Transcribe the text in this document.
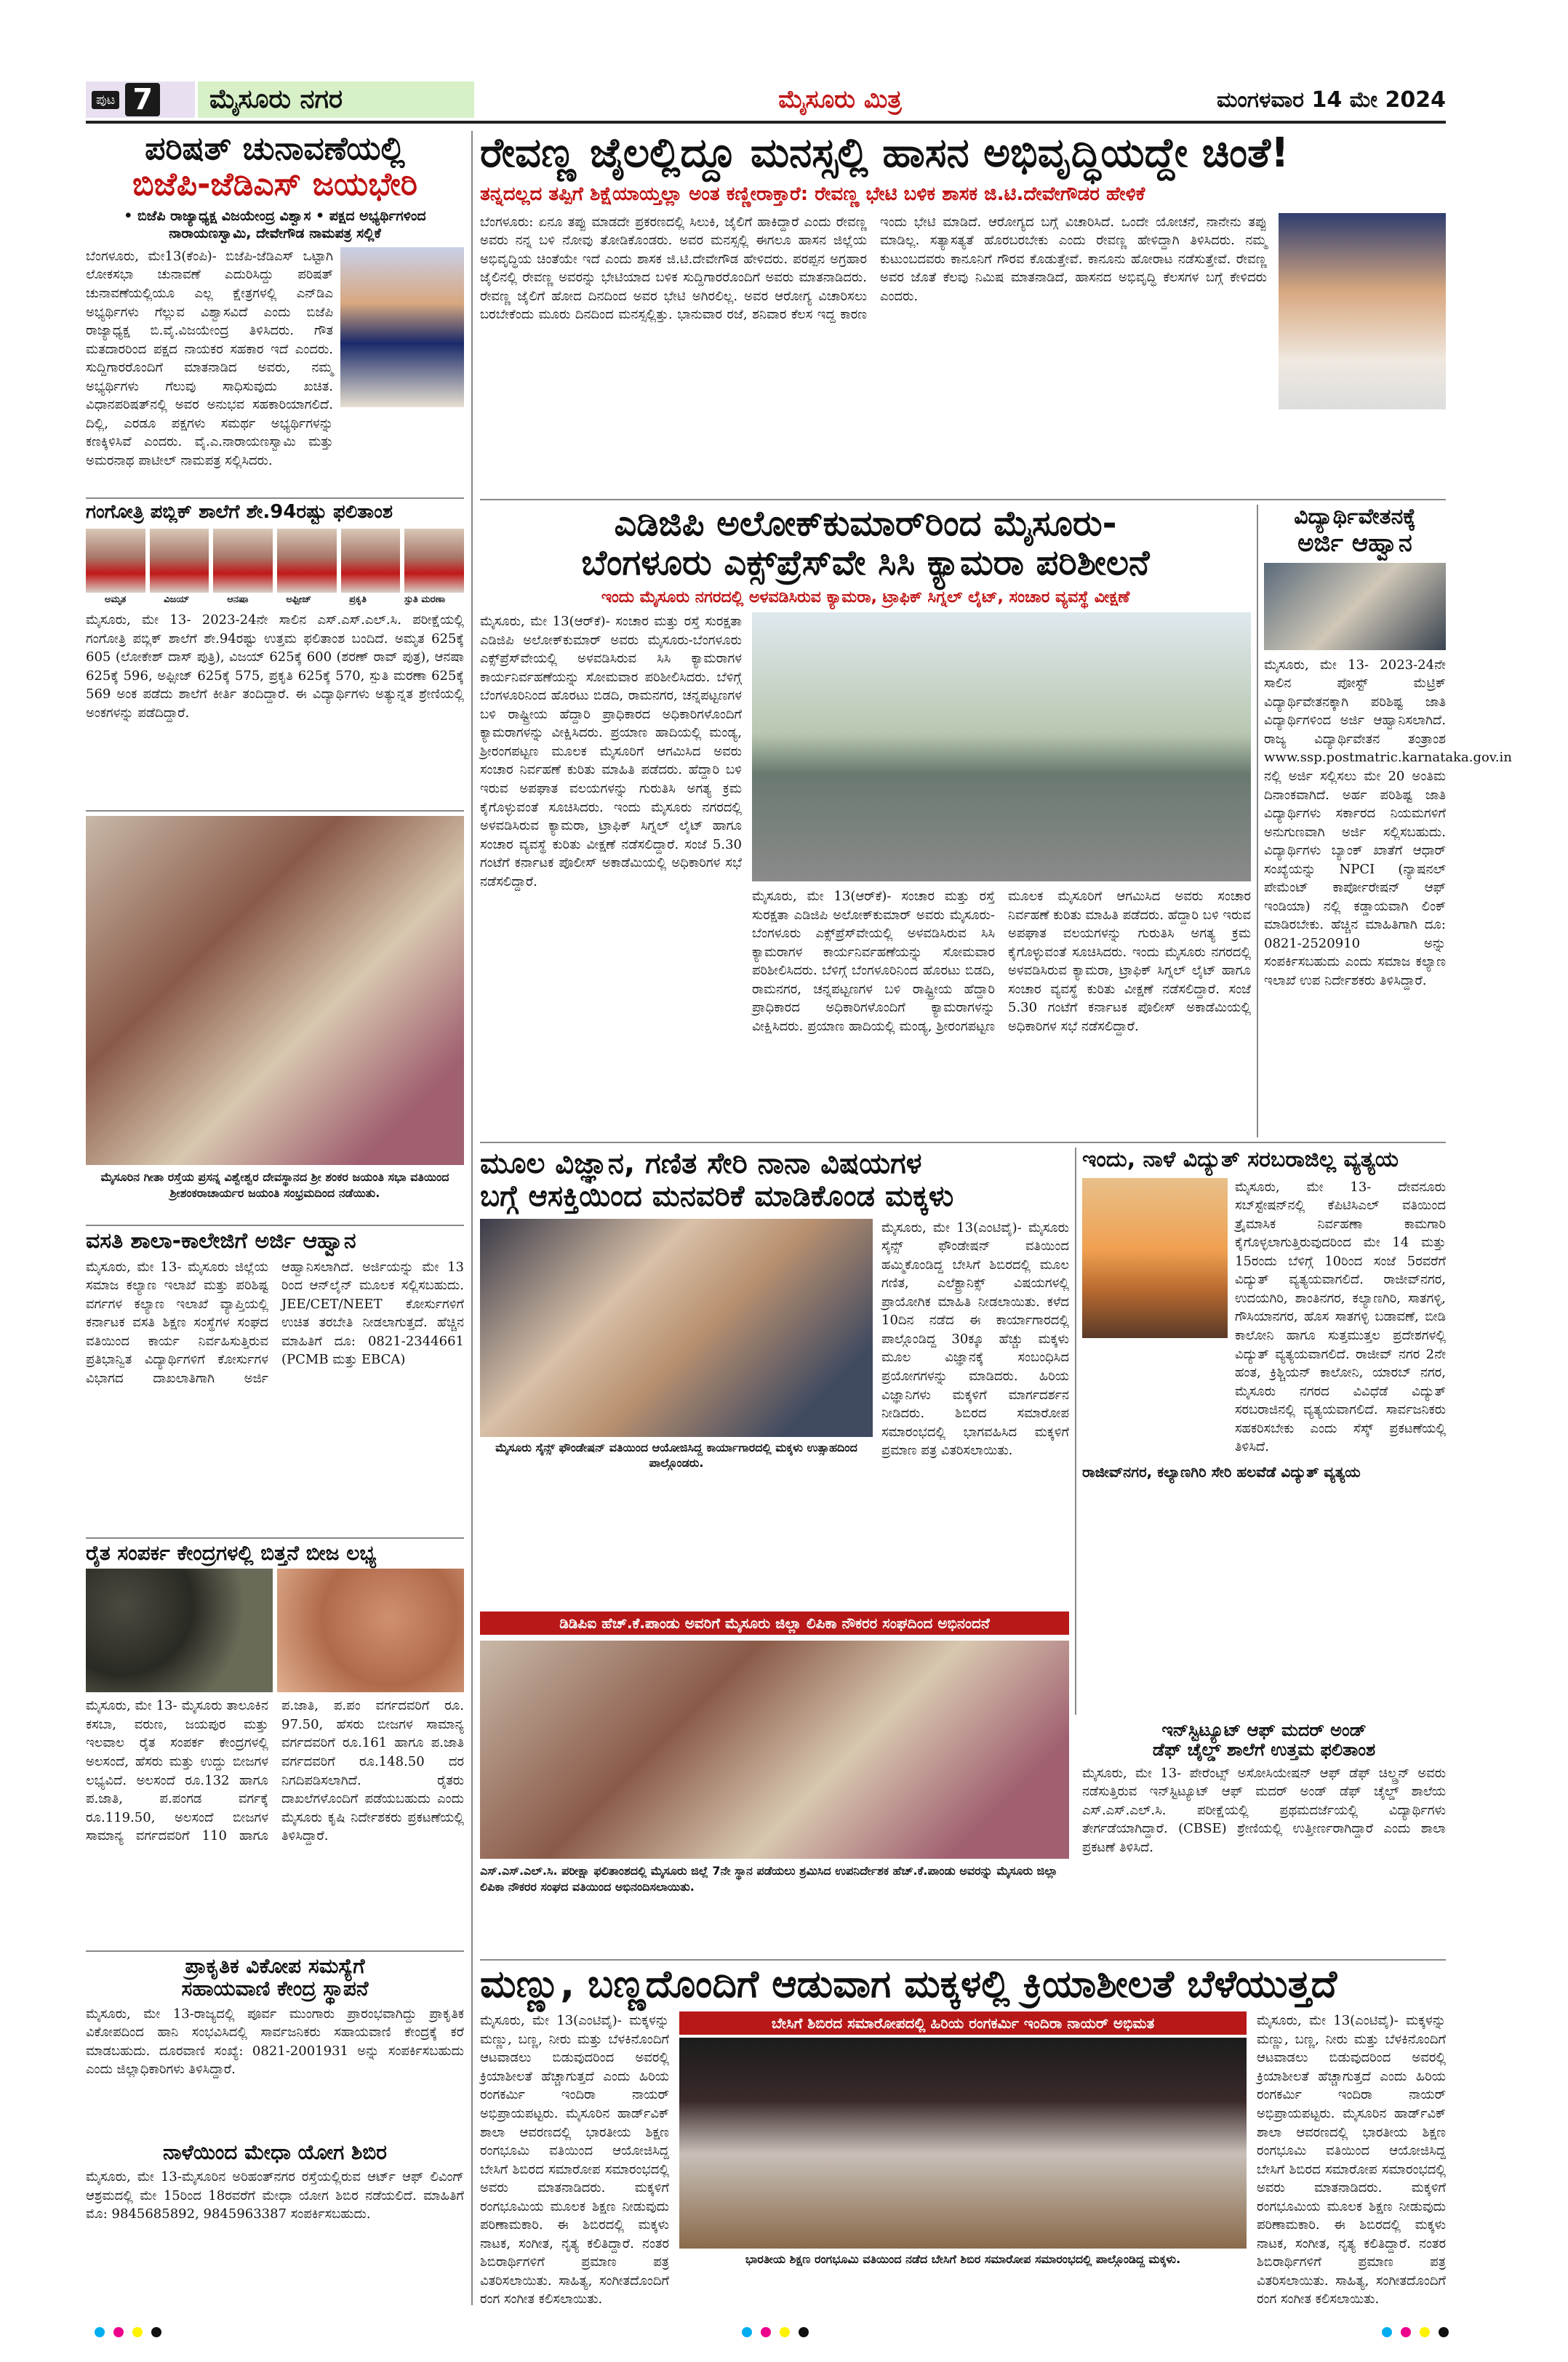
ಪುಟ 7	ಮೈಸೂರು ನಗರ	ಮೈಸೂರು ಮಿತ್ರ	ಮಂಗಳವಾರ 14 ಮೇ 2024
ಪರಿಷತ್ ಚುನಾವಣೆಯಲ್ಲಿ
ಬಿಜೆಪಿ-ಜೆಡಿಎಸ್ ಜಯಭೇರಿ
• ಬಿಜೆಪಿ ರಾಜ್ಯಾಧ್ಯಕ್ಷ ವಿಜಯೇಂದ್ರ ವಿಶ್ವಾಸ • ಪಕ್ಷದ ಅಭ್ಯರ್ಥಿಗಳಿಂದ ನಾರಾಯಣಸ್ವಾಮಿ, ದೇವೇಗೌಡ ನಾಮಪತ್ರ ಸಲ್ಲಿಕೆ
ಬೆಂಗಳೂರು, ಮೇ13(ಕೆಂಪಿ)- ಬಿಜೆಪಿ-ಜೆಡಿಎಸ್ ಒಟ್ಟಾಗಿ ಲೋಕಸಭಾ ಚುನಾವಣೆ ಎದುರಿಸಿದ್ದು ಪರಿಷತ್ ಚುನಾವಣೆಯಲ್ಲಿಯೂ ಎಲ್ಲ ಕ್ಷೇತ್ರಗಳಲ್ಲಿ ಎನ್‌ಡಿಎ ಅಭ್ಯರ್ಥಿಗಳು ಗೆಲ್ಲುವ ವಿಶ್ವಾಸವಿದೆ ಎಂದು ಬಿಜೆಪಿ ರಾಜ್ಯಾಧ್ಯಕ್ಷ ಬಿ.ವೈ.ವಿಜಯೇಂದ್ರ ತಿಳಿಸಿದರು. ಗೌತ ಮತದಾರರಿಂದ ಪಕ್ಷದ ನಾಯಕರ ಸಹಕಾರ ಇದೆ ಎಂದರು. ಸುದ್ದಿಗಾರರೊಂದಿಗೆ ಮಾತನಾಡಿದ ಅವರು, ನಮ್ಮ ಅಭ್ಯರ್ಥಿಗಳು ಗೆಲುವು ಸಾಧಿಸುವುದು ಖಚಿತ. ವಿಧಾನಪರಿಷತ್‌ನಲ್ಲಿ ಅವರ ಅನುಭವ ಸಹಕಾರಿಯಾಗಲಿದೆ. ದಿಲ್ಲಿ, ಎರಡೂ ಪಕ್ಷಗಳು ಸಮರ್ಥ ಅಭ್ಯರ್ಥಿಗಳನ್ನು ಕಣಕ್ಕಿಳಿಸಿವೆ ಎಂದರು. ವೈ.ಎ.ನಾರಾಯಣಸ್ವಾಮಿ ಮತ್ತು ಅಮರನಾಥ ಪಾಟೀಲ್ ನಾಮಪತ್ರ ಸಲ್ಲಿಸಿದರು.
ಗಂಗೋತ್ರಿ ಪಬ್ಲಿಕ್ ಶಾಲೆಗೆ ಶೇ.94ರಷ್ಟು ಫಲಿತಾಂಶ
ಅಮೃತ	ವಿಜಯ್	ಆನಷಾ	ಅಫ್ಸೀಜ್	ಪ್ರಕೃತಿ	ಸ್ಪುತಿ ಮರಣಾ
ಮೈಸೂರು, ಮೇ 13- 2023-24ನೇ ಸಾಲಿನ ಎಸ್.ಎಸ್.ಎಲ್.ಸಿ. ಪರೀಕ್ಷೆಯಲ್ಲಿ ಗಂಗೋತ್ರಿ ಪಬ್ಲಿಕ್ ಶಾಲೆಗೆ ಶೇ.94ರಷ್ಟು ಉತ್ತಮ ಫಲಿತಾಂಶ ಬಂದಿದೆ. ಅಮೃತ 625ಕ್ಕೆ 605 (ಲೋಕೇಶ್ ದಾಸ್ ಪುತ್ರಿ), ವಿಜಯ್ 625ಕ್ಕೆ 600 (ಶರಣ್ ರಾವ್ ಪುತ್ರ), ಆನಷಾ 625ಕ್ಕೆ 596, ಅಫ್ಸೀಜ್ 625ಕ್ಕೆ 575, ಪ್ರಕೃತಿ 625ಕ್ಕೆ 570, ಸ್ಪುತಿ ಮರಣಾ 625ಕ್ಕೆ 569 ಅಂಕ ಪಡೆದು ಶಾಲೆಗೆ ಕೀರ್ತಿ ತಂದಿದ್ದಾರೆ. ಈ ವಿದ್ಯಾರ್ಥಿಗಳು ಅತ್ಯುನ್ನತ ಶ್ರೇಣಿಯಲ್ಲಿ ಅಂಕಗಳನ್ನು ಪಡೆದಿದ್ದಾರೆ.
ಮೈಸೂರಿನ ಗೀತಾ ರಸ್ತೆಯ ಪ್ರಸನ್ನ ವಿಶ್ವೇಶ್ವರ ದೇವಸ್ಥಾನದ ಶ್ರೀ ಶಂಕರ ಜಯಂತಿ ಸಭಾ ವತಿಯಿಂದ ಶ್ರೀಶಂಕರಾಚಾರ್ಯರ ಜಯಂತಿ ಸಂಭ್ರಮದಿಂದ ನಡೆಯಿತು.
ವಸತಿ ಶಾಲಾ-ಕಾಲೇಜಿಗೆ ಅರ್ಜಿ ಆಹ್ವಾನ
ಮೈಸೂರು, ಮೇ 13- ಮೈಸೂರು ಜಿಲ್ಲೆಯ ಸಮಾಜ ಕಲ್ಯಾಣ ಇಲಾಖೆ ಮತ್ತು ಪರಿಶಿಷ್ಟ ವರ್ಗಗಳ ಕಲ್ಯಾಣ ಇಲಾಖೆ ವ್ಯಾಪ್ತಿಯಲ್ಲಿ ಕರ್ನಾಟಕ ವಸತಿ ಶಿಕ್ಷಣ ಸಂಸ್ಥೆಗಳ ಸಂಘದ ವತಿಯಿಂದ ಕಾರ್ಯ ನಿರ್ವಹಿಸುತ್ತಿರುವ ಪ್ರತಿಭಾನ್ವಿತ ವಿದ್ಯಾರ್ಥಿಗಳಿಗೆ ಕೋರ್ಸುಗಳ ವಿಭಾಗದ ದಾಖಲಾತಿಗಾಗಿ ಅರ್ಜಿ ಆಹ್ವಾನಿಸಲಾಗಿದೆ. ಅರ್ಜಿಯನ್ನು ಮೇ 13 ರಿಂದ ಆನ್‌ಲೈನ್ ಮೂಲಕ ಸಲ್ಲಿಸಬಹುದು. JEE/CET/NEET ಕೋರ್ಸುಗಳಿಗೆ ಉಚಿತ ತರಬೇತಿ ನೀಡಲಾಗುತ್ತದೆ. ಹೆಚ್ಚಿನ ಮಾಹಿತಿಗೆ ದೂ: 0821-2344661 (PCMB ಮತ್ತು EBCA)
ರೈತ ಸಂಪರ್ಕ ಕೇಂದ್ರಗಳಲ್ಲಿ ಬಿತ್ತನೆ ಬೀಜ ಲಭ್ಯ
ಮೈಸೂರು, ಮೇ 13- ಮೈಸೂರು ತಾಲೂಕಿನ ಕಸಬಾ, ವರುಣ, ಜಯಪುರ ಮತ್ತು ಇಲವಾಲ ರೈತ ಸಂಪರ್ಕ ಕೇಂದ್ರಗಳಲ್ಲಿ ಅಲಸಂದೆ, ಹೆಸರು ಮತ್ತು ಉದ್ದು ಬೀಜಗಳ ಲಭ್ಯವಿದೆ. ಅಲಸಂದೆ ರೂ.132 ಹಾಗೂ ಪ.ಜಾತಿ, ಪ.ಪಂಗಡ ವರ್ಗಕ್ಕೆ ರೂ.119.50, ಅಲಸಂದೆ ಬೀಜಗಳ ಸಾಮಾನ್ಯ ವರ್ಗದವರಿಗೆ 110 ಹಾಗೂ ಪ.ಜಾತಿ, ಪ.ಪಂ ವರ್ಗದವರಿಗೆ ರೂ. 97.50, ಹೆಸರು ಬೀಜಗಳ ಸಾಮಾನ್ಯ ವರ್ಗದವರಿಗೆ ರೂ.161 ಹಾಗೂ ಪ.ಜಾತಿ ವರ್ಗದವರಿಗೆ ರೂ.148.50 ದರ ನಿಗದಿಪಡಿಸಲಾಗಿದೆ. ರೈತರು ದಾಖಲೆಗಳೊಂದಿಗೆ ಪಡೆಯಬಹುದು ಎಂದು ಮೈಸೂರು ಕೃಷಿ ನಿರ್ದೇಶಕರು ಪ್ರಕಟಣೆಯಲ್ಲಿ ತಿಳಿಸಿದ್ದಾರೆ.
ಪ್ರಾಕೃತಿಕ ವಿಕೋಪ ಸಮಸ್ಯೆಗೆ
ಸಹಾಯವಾಣಿ ಕೇಂದ್ರ ಸ್ಥಾಪನೆ
ಮೈಸೂರು, ಮೇ 13-ರಾಜ್ಯದಲ್ಲಿ ಪೂರ್ವ ಮುಂಗಾರು ಪ್ರಾರಂಭವಾಗಿದ್ದು ಪ್ರಾಕೃತಿಕ ವಿಕೋಪದಿಂದ ಹಾನಿ ಸಂಭವಿಸಿದಲ್ಲಿ ಸಾರ್ವಜನಿಕರು ಸಹಾಯವಾಣಿ ಕೇಂದ್ರಕ್ಕೆ ಕರೆ ಮಾಡಬಹುದು. ದೂರವಾಣಿ ಸಂಖ್ಯೆ: 0821-2001931 ಅನ್ನು ಸಂಪರ್ಕಿಸಬಹುದು ಎಂದು ಜಿಲ್ಲಾಧಿಕಾರಿಗಳು ತಿಳಿಸಿದ್ದಾರೆ.
ನಾಳೆಯಿಂದ ಮೇಧಾ ಯೋಗ ಶಿಬಿರ
ಮೈಸೂರು, ಮೇ 13-ಮೈಸೂರಿನ ಅರಿಹಂತ್‌ನಗರ ರಸ್ತೆಯಲ್ಲಿರುವ ಆರ್ಟ್ ಆಫ್ ಲಿವಿಂಗ್ ಆಶ್ರಮದಲ್ಲಿ ಮೇ 15ರಿಂದ 18ರವರೆಗೆ ಮೇಧಾ ಯೋಗ ಶಿಬಿರ ನಡೆಯಲಿದೆ. ಮಾಹಿತಿಗೆ ಮೊ: 9845685892, 9845963387 ಸಂಪರ್ಕಿಸಬಹುದು.
ರೇವಣ್ಣ ಜೈಲಲ್ಲಿದ್ದೂ ಮನಸ್ಸಲ್ಲಿ ಹಾಸನ ಅಭಿವೃದ್ಧಿಯದ್ದೇ ಚಿಂತೆ!
ತನ್ನದಲ್ಲದ ತಪ್ಪಿಗೆ ಶಿಕ್ಷೆಯಾಯ್ತಲ್ಲಾ ಅಂತ ಕಣ್ಣೀರಾಕ್ತಾರೆ: ರೇವಣ್ಣ ಭೇಟಿ ಬಳಿಕ ಶಾಸಕ ಜಿ.ಟಿ.ದೇವೇಗೌಡರ ಹೇಳಿಕೆ
ಬೆಂಗಳೂರು: ಏನೂ ತಪ್ಪು ಮಾಡದೇ ಪ್ರಕರಣದಲ್ಲಿ ಸಿಲುಕಿ, ಜೈಲಿಗೆ ಹಾಕಿದ್ದಾರೆ ಎಂದು ರೇವಣ್ಣ ಅವರು ನನ್ನ ಬಳಿ ನೋವು ತೋಡಿಕೊಂಡರು. ಅವರ ಮನಸ್ಸಲ್ಲಿ ಈಗಲೂ ಹಾಸನ ಜಿಲ್ಲೆಯ ಅಭಿವೃದ್ಧಿಯ ಚಿಂತೆಯೇ ಇದೆ ಎಂದು ಶಾಸಕ ಜಿ.ಟಿ.ದೇವೇಗೌಡ ಹೇಳಿದರು. ಪರಪ್ಪನ ಅಗ್ರಹಾರ ಜೈಲಿನಲ್ಲಿ ರೇವಣ್ಣ ಅವರನ್ನು ಭೇಟಿಯಾದ ಬಳಿಕ ಸುದ್ದಿಗಾರರೊಂದಿಗೆ ಅವರು ಮಾತನಾಡಿದರು. ರೇವಣ್ಣ ಜೈಲಿಗೆ ಹೋದ ದಿನದಿಂದ ಅವರ ಭೇಟಿ ಅಗಿರಲಿಲ್ಲ. ಅವರ ಆರೋಗ್ಯ ವಿಚಾರಿಸಲು ಬರಬೇಕೆಂದು ಮೂರು ದಿನದಿಂದ ಮನಸ್ಸಲ್ಲಿತ್ತು. ಭಾನುವಾರ ರಜೆ, ಶನಿವಾರ ಕೆಲಸ ಇದ್ದ ಕಾರಣ ಇಂದು ಭೇಟಿ ಮಾಡಿದೆ. ಆರೋಗ್ಯದ ಬಗ್ಗೆ ವಿಚಾರಿಸಿದೆ. ಒಂದೇ ಯೋಚನೆ, ನಾನೇನು ತಪ್ಪು ಮಾಡಿಲ್ಲ. ಸತ್ಯಾಸತ್ಯತೆ ಹೊರಬರಬೇಕು ಎಂದು ರೇವಣ್ಣ ಹೇಳಿದ್ದಾಗಿ ತಿಳಿಸಿದರು. ನಮ್ಮ ಕುಟುಂಬದವರು ಕಾನೂನಿಗೆ ಗೌರವ ಕೊಡುತ್ತೇವೆ. ಕಾನೂನು ಹೋರಾಟ ನಡೆಸುತ್ತೇವೆ. ರೇವಣ್ಣ ಅವರ ಜೊತೆ ಕೆಲವು ನಿಮಿಷ ಮಾತನಾಡಿದೆ, ಹಾಸನದ ಅಭಿವೃದ್ಧಿ ಕೆಲಸಗಳ ಬಗ್ಗೆ ಕೇಳಿದರು ಎಂದರು.
ಎಡಿಜಿಪಿ ಅಲೋಕ್‌ಕುಮಾರ್‌ರಿಂದ ಮೈಸೂರು-
ಬೆಂಗಳೂರು ಎಕ್ಸ್‌ಪ್ರೆಸ್‌ವೇ ಸಿಸಿ ಕ್ಯಾಮರಾ ಪರಿಶೀಲನೆ
ಇಂದು ಮೈಸೂರು ನಗರದಲ್ಲಿ ಅಳವಡಿಸಿರುವ ಕ್ಯಾಮರಾ, ಟ್ರಾಫಿಕ್ ಸಿಗ್ನಲ್ ಲೈಟ್, ಸಂಚಾರ ವ್ಯವಸ್ಥೆ ವೀಕ್ಷಣೆ
ಮೈಸೂರು, ಮೇ 13(ಆರ್‌ಕೆ)- ಸಂಚಾರ ಮತ್ತು ರಸ್ತೆ ಸುರಕ್ಷತಾ ಎಡಿಜಿಪಿ ಅಲೋಕ್‌ಕುಮಾರ್ ಅವರು ಮೈಸೂರು-ಬೆಂಗಳೂರು ಎಕ್ಸ್‌ಪ್ರೆಸ್‌ವೇಯಲ್ಲಿ ಅಳವಡಿಸಿರುವ ಸಿಸಿ ಕ್ಯಾಮರಾಗಳ ಕಾರ್ಯನಿರ್ವಹಣೆಯನ್ನು ಸೋಮವಾರ ಪರಿಶೀಲಿಸಿದರು. ಬೆಳಿಗ್ಗೆ ಬೆಂಗಳೂರಿನಿಂದ ಹೊರಟು ಬಿಡದಿ, ರಾಮನಗರ, ಚನ್ನಪಟ್ಟಣಗಳ ಬಳಿ ರಾಷ್ಟ್ರೀಯ ಹೆದ್ದಾರಿ ಪ್ರಾಧಿಕಾರದ ಅಧಿಕಾರಿಗಳೊಂದಿಗೆ ಕ್ಯಾಮರಾಗಳನ್ನು ವೀಕ್ಷಿಸಿದರು. ಪ್ರಯಾಣ ಹಾದಿಯಲ್ಲಿ ಮಂಡ್ಯ, ಶ್ರೀರಂಗಪಟ್ಟಣ ಮೂಲಕ ಮೈಸೂರಿಗೆ ಆಗಮಿಸಿದ ಅವರು ಸಂಚಾರ ನಿರ್ವಹಣೆ ಕುರಿತು ಮಾಹಿತಿ ಪಡೆದರು. ಹೆದ್ದಾರಿ ಬಳಿ ಇರುವ ಅಪಘಾತ ವಲಯಗಳನ್ನು ಗುರುತಿಸಿ ಅಗತ್ಯ ಕ್ರಮ ಕೈಗೊಳ್ಳುವಂತೆ ಸೂಚಿಸಿದರು. ಇಂದು ಮೈಸೂರು ನಗರದಲ್ಲಿ ಅಳವಡಿಸಿರುವ ಕ್ಯಾಮರಾ, ಟ್ರಾಫಿಕ್ ಸಿಗ್ನಲ್ ಲೈಟ್ ಹಾಗೂ ಸಂಚಾರ ವ್ಯವಸ್ಥೆ ಕುರಿತು ವೀಕ್ಷಣೆ ನಡೆಸಲಿದ್ದಾರೆ. ಸಂಜೆ 5.30 ಗಂಟೆಗೆ ಕರ್ನಾಟಕ ಪೊಲೀಸ್ ಅಕಾಡೆಮಿಯಲ್ಲಿ ಅಧಿಕಾರಿಗಳ ಸಭೆ ನಡೆಸಲಿದ್ದಾರೆ.
ಮೈಸೂರು, ಮೇ 13(ಆರ್‌ಕೆ)- ಸಂಚಾರ ಮತ್ತು ರಸ್ತೆ ಸುರಕ್ಷತಾ ಎಡಿಜಿಪಿ ಅಲೋಕ್‌ಕುಮಾರ್ ಅವರು ಮೈಸೂರು-ಬೆಂಗಳೂರು ಎಕ್ಸ್‌ಪ್ರೆಸ್‌ವೇಯಲ್ಲಿ ಅಳವಡಿಸಿರುವ ಸಿಸಿ ಕ್ಯಾಮರಾಗಳ ಕಾರ್ಯನಿರ್ವಹಣೆಯನ್ನು ಸೋಮವಾರ ಪರಿಶೀಲಿಸಿದರು. ಬೆಳಿಗ್ಗೆ ಬೆಂಗಳೂರಿನಿಂದ ಹೊರಟು ಬಿಡದಿ, ರಾಮನಗರ, ಚನ್ನಪಟ್ಟಣಗಳ ಬಳಿ ರಾಷ್ಟ್ರೀಯ ಹೆದ್ದಾರಿ ಪ್ರಾಧಿಕಾರದ ಅಧಿಕಾರಿಗಳೊಂದಿಗೆ ಕ್ಯಾಮರಾಗಳನ್ನು ವೀಕ್ಷಿಸಿದರು. ಪ್ರಯಾಣ ಹಾದಿಯಲ್ಲಿ ಮಂಡ್ಯ, ಶ್ರೀರಂಗಪಟ್ಟಣ ಮೂಲಕ ಮೈಸೂರಿಗೆ ಆಗಮಿಸಿದ ಅವರು ಸಂಚಾರ ನಿರ್ವಹಣೆ ಕುರಿತು ಮಾಹಿತಿ ಪಡೆದರು. ಹೆದ್ದಾರಿ ಬಳಿ ಇರುವ ಅಪಘಾತ ವಲಯಗಳನ್ನು ಗುರುತಿಸಿ ಅಗತ್ಯ ಕ್ರಮ ಕೈಗೊಳ್ಳುವಂತೆ ಸೂಚಿಸಿದರು. ಇಂದು ಮೈಸೂರು ನಗರದಲ್ಲಿ ಅಳವಡಿಸಿರುವ ಕ್ಯಾಮರಾ, ಟ್ರಾಫಿಕ್ ಸಿಗ್ನಲ್ ಲೈಟ್ ಹಾಗೂ ಸಂಚಾರ ವ್ಯವಸ್ಥೆ ಕುರಿತು ವೀಕ್ಷಣೆ ನಡೆಸಲಿದ್ದಾರೆ. ಸಂಜೆ 5.30 ಗಂಟೆಗೆ ಕರ್ನಾಟಕ ಪೊಲೀಸ್ ಅಕಾಡೆಮಿಯಲ್ಲಿ ಅಧಿಕಾರಿಗಳ ಸಭೆ ನಡೆಸಲಿದ್ದಾರೆ.
ವಿದ್ಯಾರ್ಥಿವೇತನಕ್ಕೆ
ಅರ್ಜಿ ಆಹ್ವಾನ
ಮೈಸೂರು, ಮೇ 13- 2023-24ನೇ ಸಾಲಿನ ಪೋಸ್ಟ್ ಮೆಟ್ರಿಕ್ ವಿದ್ಯಾರ್ಥಿವೇತನಕ್ಕಾಗಿ ಪರಿಶಿಷ್ಟ ಜಾತಿ ವಿದ್ಯಾರ್ಥಿಗಳಿಂದ ಅರ್ಜಿ ಆಹ್ವಾನಿಸಲಾಗಿದೆ. ರಾಜ್ಯ ವಿದ್ಯಾರ್ಥಿವೇತನ ತಂತ್ರಾಂಶ www.ssp.postmatric.karnataka.gov.in ನಲ್ಲಿ ಅರ್ಜಿ ಸಲ್ಲಿಸಲು ಮೇ 20 ಅಂತಿಮ ದಿನಾಂಕವಾಗಿದೆ. ಅರ್ಹ ಪರಿಶಿಷ್ಟ ಜಾತಿ ವಿದ್ಯಾರ್ಥಿಗಳು ಸರ್ಕಾರದ ನಿಯಮಗಳಿಗೆ ಅನುಗುಣವಾಗಿ ಅರ್ಜಿ ಸಲ್ಲಿಸಬಹುದು. ವಿದ್ಯಾರ್ಥಿಗಳು ಬ್ಯಾಂಕ್ ಖಾತೆಗೆ ಆಧಾರ್ ಸಂಖ್ಯೆಯನ್ನು NPCI (ನ್ಯಾಷನಲ್ ಪೇಮೆಂಟ್ ಕಾರ್ಪೋರೇಷನ್ ಆಫ್ ಇಂಡಿಯಾ) ನಲ್ಲಿ ಕಡ್ಡಾಯವಾಗಿ ಲಿಂಕ್ ಮಾಡಿರಬೇಕು. ಹೆಚ್ಚಿನ ಮಾಹಿತಿಗಾಗಿ ದೂ: 0821-2520910 ಅನ್ನು ಸಂಪರ್ಕಿಸಬಹುದು ಎಂದು ಸಮಾಜ ಕಲ್ಯಾಣ ಇಲಾಖೆ ಉಪ ನಿರ್ದೇಶಕರು ತಿಳಿಸಿದ್ದಾರೆ.
ಮೂಲ ವಿಜ್ಞಾನ, ಗಣಿತ ಸೇರಿ ನಾನಾ ವಿಷಯಗಳ
ಬಗ್ಗೆ ಆಸಕ್ತಿಯಿಂದ ಮನವರಿಕೆ ಮಾಡಿಕೊಂಡ ಮಕ್ಕಳು
ಮೈಸೂರು ಸೈನ್ಸ್ ಫೌಂಡೇಷನ್ ವತಿಯಿಂದ ಆಯೋಜಿಸಿದ್ದ ಕಾರ್ಯಾಗಾರದಲ್ಲಿ ಮಕ್ಕಳು ಉತ್ಸಾಹದಿಂದ ಪಾಲ್ಗೊಂಡರು.
ಮೈಸೂರು, ಮೇ 13(ಎಂಟಿವೈ)- ಮೈಸೂರು ಸೈನ್ಸ್ ಫೌಂಡೇಷನ್ ವತಿಯಿಂದ ಹಮ್ಮಿಕೊಂಡಿದ್ದ ಬೇಸಿಗೆ ಶಿಬಿರದಲ್ಲಿ ಮೂಲ ಗಣಿತ, ಎಲೆಕ್ಟ್ರಾನಿಕ್ಸ್ ವಿಷಯಗಳಲ್ಲಿ ಪ್ರಾಯೋಗಿಕ ಮಾಹಿತಿ ನೀಡಲಾಯಿತು. ಕಳೆದ 10ದಿನ ನಡೆದ ಈ ಕಾರ್ಯಾಗಾರದಲ್ಲಿ ಪಾಲ್ಗೊಂಡಿದ್ದ 30ಕ್ಕೂ ಹೆಚ್ಚು ಮಕ್ಕಳು ಮೂಲ ವಿಜ್ಞಾನಕ್ಕೆ ಸಂಬಂಧಿಸಿದ ಪ್ರಯೋಗಗಳನ್ನು ಮಾಡಿದರು. ಹಿರಿಯ ವಿಜ್ಞಾನಿಗಳು ಮಕ್ಕಳಿಗೆ ಮಾರ್ಗದರ್ಶನ ನೀಡಿದರು. ಶಿಬಿರದ ಸಮಾರೋಪ ಸಮಾರಂಭದಲ್ಲಿ ಭಾಗವಹಿಸಿದ ಮಕ್ಕಳಿಗೆ ಪ್ರಮಾಣ ಪತ್ರ ವಿತರಿಸಲಾಯಿತು.
ಇಂದು, ನಾಳೆ ವಿದ್ಯುತ್ ಸರಬರಾಜಿಲ್ಲ ವ್ಯತ್ಯಯ
ಮೈಸೂರು, ಮೇ 13- ದೇವನೂರು ಸಬ್‌ಸ್ಟೇಷನ್‌ನಲ್ಲಿ ಕೆಪಿಟಿಸಿಎಲ್ ವತಿಯಿಂದ ತ್ರೈಮಾಸಿಕ ನಿರ್ವಹಣಾ ಕಾಮಗಾರಿ ಕೈಗೊಳ್ಳಲಾಗುತ್ತಿರುವುದರಿಂದ ಮೇ 14 ಮತ್ತು 15ರಂದು ಬೆಳಿಗ್ಗೆ 10ರಿಂದ ಸಂಜೆ 5ರವರೆಗೆ ವಿದ್ಯುತ್ ವ್ಯತ್ಯಯವಾಗಲಿದೆ. ರಾಜೀವ್‌ನಗರ, ಉದಯಗಿರಿ, ಶಾಂತಿನಗರ, ಕಲ್ಯಾಣಗಿರಿ, ಸಾತಗಳ್ಳಿ, ಗೌಸಿಯಾನಗರ, ಹೊಸ ಸಾತಗಳ್ಳಿ ಬಡಾವಣೆ, ಬೀಡಿ ಕಾಲೋನಿ ಹಾಗೂ ಸುತ್ತಮುತ್ತಲ ಪ್ರದೇಶಗಳಲ್ಲಿ ವಿದ್ಯುತ್ ವ್ಯತ್ಯಯವಾಗಲಿದೆ. ರಾಜೀವ್ ನಗರ 2ನೇ ಹಂತ, ಕ್ರಿಶ್ಚಿಯನ್ ಕಾಲೋನಿ, ಯಾರಬ್ ನಗರ, ಮೈಸೂರು ನಗರದ ವಿವಿಧೆಡೆ ವಿದ್ಯುತ್ ಸರಬರಾಜಿನಲ್ಲಿ ವ್ಯತ್ಯಯವಾಗಲಿದೆ. ಸಾರ್ವಜನಿಕರು ಸಹಕರಿಸಬೇಕು ಎಂದು ಸೆಸ್ಕ್ ಪ್ರಕಟಣೆಯಲ್ಲಿ ತಿಳಿಸಿದೆ.
ರಾಜೀವ್‌ನಗರ, ಕಲ್ಯಾಣಗಿರಿ ಸೇರಿ ಹಲವೆಡೆ ವಿದ್ಯುತ್ ವ್ಯತ್ಯಯ
ಡಿಡಿಪಿಐ ಹೆಚ್.ಕೆ.ಪಾಂಡು ಅವರಿಗೆ ಮೈಸೂರು ಜಿಲ್ಲಾ ಲಿಪಿಕಾ ನೌಕರರ ಸಂಘದಿಂದ ಅಭಿನಂದನೆ
ಎಸ್.ಎಸ್.ಎಲ್.ಸಿ. ಪರೀಕ್ಷಾ ಫಲಿತಾಂಶದಲ್ಲಿ ಮೈಸೂರು ಜಿಲ್ಲೆ 7ನೇ ಸ್ಥಾನ ಪಡೆಯಲು ಶ್ರಮಿಸಿದ ಉಪನಿರ್ದೇಶಕ ಹೆಚ್.ಕೆ.ಪಾಂಡು ಅವರನ್ನು ಮೈಸೂರು ಜಿಲ್ಲಾ ಲಿಪಿಕಾ ನೌಕರರ ಸಂಘದ ವತಿಯಿಂದ ಅಭಿನಂದಿಸಲಾಯಿತು.
ಇನ್‌ಸ್ಟಿಟ್ಯೂಟ್ ಆಫ್ ಮದರ್ ಅಂಡ್
ಡೆಫ್ ಚೈಲ್ಡ್ ಶಾಲೆಗೆ ಉತ್ತಮ ಫಲಿತಾಂಶ
ಮೈಸೂರು, ಮೇ 13- ಪೇರೆಂಟ್ಸ್ ಅಸೋಸಿಯೇಷನ್ ಆಫ್ ಡೆಫ್ ಚಿಲ್ಡ್ರನ್ ಅವರು ನಡೆಸುತ್ತಿರುವ ಇನ್‌ಸ್ಟಿಟ್ಯೂಟ್ ಆಫ್ ಮದರ್ ಅಂಡ್ ಡೆಫ್ ಚೈಲ್ಡ್ ಶಾಲೆಯ ಎಸ್.ಎಸ್.ಎಲ್.ಸಿ. ಪರೀಕ್ಷೆಯಲ್ಲಿ ಪ್ರಥಮದರ್ಜೆಯಲ್ಲಿ ವಿದ್ಯಾರ್ಥಿಗಳು ತೇರ್ಗಡೆಯಾಗಿದ್ದಾರೆ. (CBSE) ಶ್ರೇಣಿಯಲ್ಲಿ ಉತ್ತೀರ್ಣರಾಗಿದ್ದಾರೆ ಎಂದು ಶಾಲಾ ಪ್ರಕಟಣೆ ತಿಳಿಸಿದೆ.
ಮಣ್ಣು, ಬಣ್ಣದೊಂದಿಗೆ ಆಡುವಾಗ ಮಕ್ಕಳಲ್ಲಿ ಕ್ರಿಯಾಶೀಲತೆ ಬೆಳೆಯುತ್ತದೆ
ಮೈಸೂರು, ಮೇ 13(ಎಂಟಿವೈ)- ಮಕ್ಕಳನ್ನು ಮಣ್ಣು, ಬಣ್ಣ, ನೀರು ಮತ್ತು ಬೆಳಕಿನೊಂದಿಗೆ ಆಟವಾಡಲು ಬಿಡುವುದರಿಂದ ಅವರಲ್ಲಿ ಕ್ರಿಯಾಶೀಲತೆ ಹೆಚ್ಚಾಗುತ್ತದೆ ಎಂದು ಹಿರಿಯ ರಂಗಕರ್ಮಿ ಇಂದಿರಾ ನಾಯರ್ ಅಭಿಪ್ರಾಯಪಟ್ಟರು. ಮೈಸೂರಿನ ಹಾರ್ಡ್‌ವಿಕ್ ಶಾಲಾ ಆವರಣದಲ್ಲಿ ಭಾರತೀಯ ಶಿಕ್ಷಣ ರಂಗಭೂಮಿ ವತಿಯಿಂದ ಆಯೋಜಿಸಿದ್ದ ಬೇಸಿಗೆ ಶಿಬಿರದ ಸಮಾರೋಪ ಸಮಾರಂಭದಲ್ಲಿ ಅವರು ಮಾತನಾಡಿದರು. ಮಕ್ಕಳಿಗೆ ರಂಗಭೂಮಿಯ ಮೂಲಕ ಶಿಕ್ಷಣ ನೀಡುವುದು ಪರಿಣಾಮಕಾರಿ. ಈ ಶಿಬಿರದಲ್ಲಿ ಮಕ್ಕಳು ನಾಟಕ, ಸಂಗೀತ, ನೃತ್ಯ ಕಲಿತಿದ್ದಾರೆ. ನಂತರ ಶಿಬಿರಾರ್ಥಿಗಳಿಗೆ ಪ್ರಮಾಣ ಪತ್ರ ವಿತರಿಸಲಾಯಿತು. ಸಾಹಿತ್ಯ, ಸಂಗೀತದೊಂದಿಗೆ ರಂಗ ಸಂಗೀತ ಕಲಿಸಲಾಯಿತು.
ಬೇಸಿಗೆ ಶಿಬಿರದ ಸಮಾರೋಪದಲ್ಲಿ ಹಿರಿಯ ರಂಗಕರ್ಮಿ ಇಂದಿರಾ ನಾಯರ್ ಅಭಿಮತ
ಭಾರತೀಯ ಶಿಕ್ಷಣ ರಂಗಭೂಮಿ ವತಿಯಿಂದ ನಡೆದ ಬೇಸಿಗೆ ಶಿಬಿರ ಸಮಾರೋಪ ಸಮಾರಂಭದಲ್ಲಿ ಪಾಲ್ಗೊಂಡಿದ್ದ ಮಕ್ಕಳು.
ಮೈಸೂರು, ಮೇ 13(ಎಂಟಿವೈ)- ಮಕ್ಕಳನ್ನು ಮಣ್ಣು, ಬಣ್ಣ, ನೀರು ಮತ್ತು ಬೆಳಕಿನೊಂದಿಗೆ ಆಟವಾಡಲು ಬಿಡುವುದರಿಂದ ಅವರಲ್ಲಿ ಕ್ರಿಯಾಶೀಲತೆ ಹೆಚ್ಚಾಗುತ್ತದೆ ಎಂದು ಹಿರಿಯ ರಂಗಕರ್ಮಿ ಇಂದಿರಾ ನಾಯರ್ ಅಭಿಪ್ರಾಯಪಟ್ಟರು. ಮೈಸೂರಿನ ಹಾರ್ಡ್‌ವಿಕ್ ಶಾಲಾ ಆವರಣದಲ್ಲಿ ಭಾರತೀಯ ಶಿಕ್ಷಣ ರಂಗಭೂಮಿ ವತಿಯಿಂದ ಆಯೋಜಿಸಿದ್ದ ಬೇಸಿಗೆ ಶಿಬಿರದ ಸಮಾರೋಪ ಸಮಾರಂಭದಲ್ಲಿ ಅವರು ಮಾತನಾಡಿದರು. ಮಕ್ಕಳಿಗೆ ರಂಗಭೂಮಿಯ ಮೂಲಕ ಶಿಕ್ಷಣ ನೀಡುವುದು ಪರಿಣಾಮಕಾರಿ. ಈ ಶಿಬಿರದಲ್ಲಿ ಮಕ್ಕಳು ನಾಟಕ, ಸಂಗೀತ, ನೃತ್ಯ ಕಲಿತಿದ್ದಾರೆ. ನಂತರ ಶಿಬಿರಾರ್ಥಿಗಳಿಗೆ ಪ್ರಮಾಣ ಪತ್ರ ವಿತರಿಸಲಾಯಿತು. ಸಾಹಿತ್ಯ, ಸಂಗೀತದೊಂದಿಗೆ ರಂಗ ಸಂಗೀತ ಕಲಿಸಲಾಯಿತು.
